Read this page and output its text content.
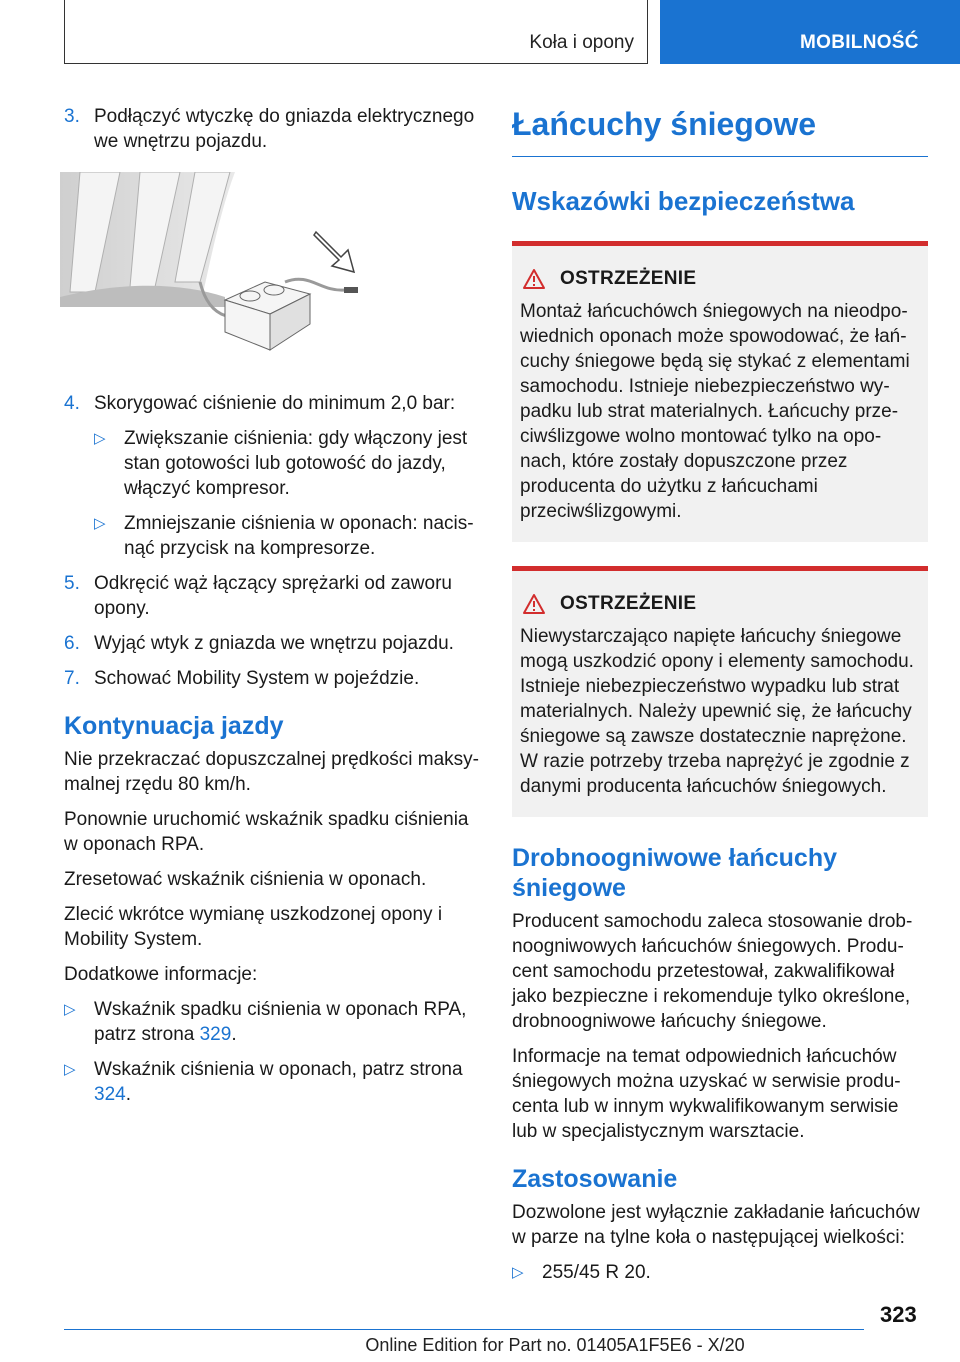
Koła i opony	MOBILNOŚĆ
3. Podłączyć wtyczkę do gniazda elektrycznego we wnętrzu pojazdu.
4. Skorygować ciśnienie do minimum 2,0 bar:
▷ Zwiększanie ciśnienia: gdy włączony jest stan gotowości lub gotowość do jazdy, włączyć kompresor.
▷ Zmniejszanie ciśnienia w oponach: nacisnąć przycisk na kompresorze.
5. Odkręcić wąż łączący sprężarki od zaworu opony.
6. Wyjąć wtyk z gniazda we wnętrzu pojazdu.
7. Schować Mobility System w pojeździe.
Kontynuacja jazdy

Nie przekraczać dopuszczalnej prędkości maksymalnej rzędu 80 km/h.

Ponownie uruchomić wskaźnik spadku ciśnienia w oponach RPA.

Zresetować wskaźnik ciśnienia w oponach.

Zlecić wkrótce wymianę uszkodzonej opony i Mobility System.

Dodatkowe informacje:

▷ Wskaźnik spadku ciśnienia w oponach RPA, patrz strona 329.
▷ Wskaźnik ciśnienia w oponach, patrz strona 324.
Łańcuchy śniegowe
Wskazówki bezpieczeństwa
OSTRZEŻENIE
Montaż łańcuchówch śniegowych na nieodpowiednich oponach może spowodować, że łańcuchy śniegowe będą się stykać z elementami samochodu. Istnieje niebezpieczeństwo wypadku lub strat materialnych. Łańcuchy przeciwślizgowe wolno montować tylko na oponach, które zostały dopuszczone przez producenta do użytku z łańcuchami przeciwślizgowymi.
OSTRZEŻENIE
Niewystarczająco napięte łańcuchy śniegowe mogą uszkodzić opony i elementy samochodu. Istnieje niebezpieczeństwo wypadku lub strat materialnych. Należy upewnić się, że łańcuchy śniegowe są zawsze dostatecznie naprężone. W razie potrzeby trzeba naprężyć je zgodnie z danymi producenta łańcuchów śniegowych.
Drobnoogniwowe łańcuchy śniegowe

Producent samochodu zaleca stosowanie drobnoogniwowych łańcuchów śniegowych. Producent samochodu przetestował, zakwalifikował jako bezpieczne i rekomenduje tylko określone, drobnoogniwowe łańcuchy śniegowe.

Informacje na temat odpowiednich łańcuchów śniegowych można uzyskać w serwisie producenta lub w innym wykwalifikowanym serwisie lub w specjalistycznym warsztacie.

Zastosowanie

Dozwolone jest wyłącznie zakładanie łańcuchów w parze na tylne koła o następującej wielkości:

▷ 255/45 R 20.
323
Online Edition for Part no. 01405A1F5E6 - X/20
